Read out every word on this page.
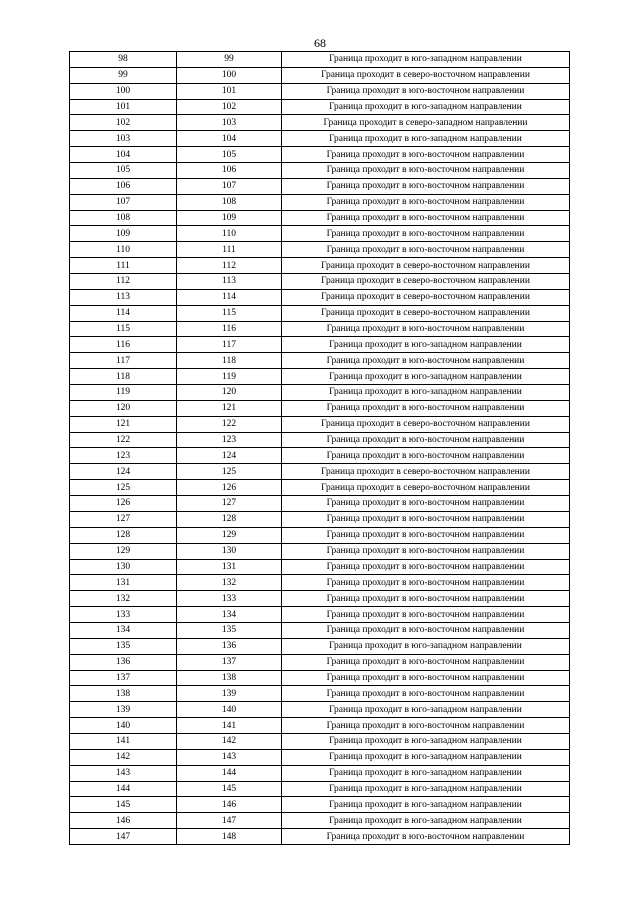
68
98	99	Граница проходит в юго-западном направлении
99	100	Граница проходит в северо-восточном направлении
100	101	Граница проходит в юго-восточном направлении
101	102	Граница проходит в юго-западном направлении
102	103	Граница проходит в северо-западном направлении
103	104	Граница проходит в юго-западном направлении
104	105	Граница проходит в юго-восточном направлении
105	106	Граница проходит в юго-восточном направлении
106	107	Граница проходит в юго-восточном направлении
107	108	Граница проходит в юго-восточном направлении
108	109	Граница проходит в юго-восточном направлении
109	110	Граница проходит в юго-восточном направлении
110	111	Граница проходит в юго-восточном направлении
111	112	Граница проходит в северо-восточном направлении
112	113	Граница проходит в северо-восточном направлении
113	114	Граница проходит в северо-восточном направлении
114	115	Граница проходит в северо-восточном направлении
115	116	Граница проходит в юго-восточном направлении
116	117	Граница проходит в юго-западном направлении
117	118	Граница проходит в юго-восточном направлении
118	119	Граница проходит в юго-западном направлении
119	120	Граница проходит в юго-западном направлении
120	121	Граница проходит в юго-восточном направлении
121	122	Граница проходит в северо-восточном направлении
122	123	Граница проходит в юго-восточном направлении
123	124	Граница проходит в юго-восточном направлении
124	125	Граница проходит в северо-восточном направлении
125	126	Граница проходит в северо-восточном направлении
126	127	Граница проходит в юго-восточном направлении
127	128	Граница проходит в юго-восточном направлении
128	129	Граница проходит в юго-восточном направлении
129	130	Граница проходит в юго-восточном направлении
130	131	Граница проходит в юго-восточном направлении
131	132	Граница проходит в юго-восточном направлении
132	133	Граница проходит в юго-восточном направлении
133	134	Граница проходит в юго-восточном направлении
134	135	Граница проходит в юго-восточном направлении
135	136	Граница проходит в юго-западном направлении
136	137	Граница проходит в юго-восточном направлении
137	138	Граница проходит в юго-восточном направлении
138	139	Граница проходит в юго-восточном направлении
139	140	Граница проходит в юго-западном направлении
140	141	Граница проходит в юго-восточном направлении
141	142	Граница проходит в юго-западном направлении
142	143	Граница проходит в юго-западном направлении
143	144	Граница проходит в юго-западном направлении
144	145	Граница проходит в юго-западном направлении
145	146	Граница проходит в юго-западном направлении
146	147	Граница проходит в юго-западном направлении
147	148	Граница проходит в юго-восточном направлении
